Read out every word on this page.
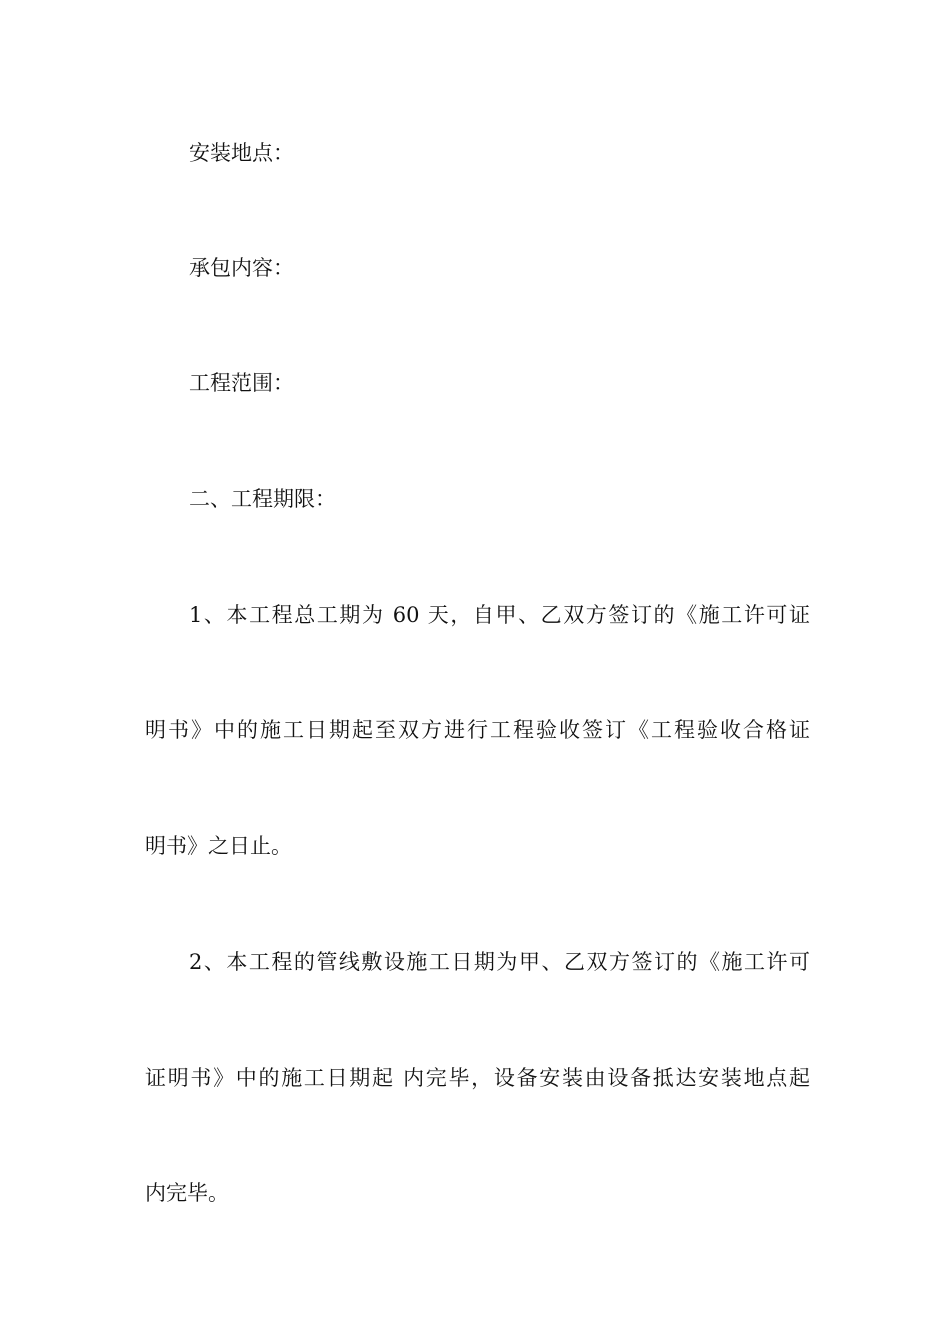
安装地点：
承包内容：
工程范围：
二、工程期限：
1、本工程总工期为 60 天，自甲、乙双方签订的《施工许可证
明书》中的施工日期起至双方进行工程验收签订《工程验收合格证
明书》之日止。
2、本工程的管线敷设施工日期为甲、乙双方签订的《施工许可
证明书》中的施工日期起 内完毕，设备安装由设备抵达安装地点起
内完毕。
